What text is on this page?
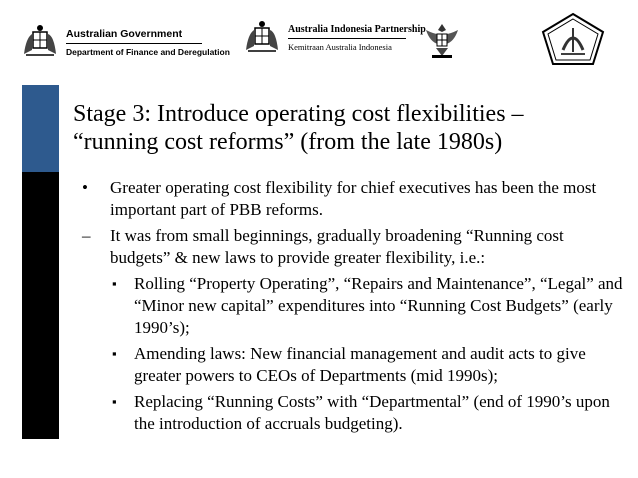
Australian Government
Department of Finance and Deregulation
Australia Indonesia Partnership
Kemitraan Australia Indonesia
Stage 3: Introduce operating cost flexibilities –
“running cost reforms” (from the late 1980s)
• Greater operating cost flexibility for chief executives has been the most important part of PBB reforms.
– It was from small beginnings, gradually broadening “Running cost budgets” & new laws to provide greater flexibility, i.e.:
▪ Rolling “Property Operating”, “Repairs and Maintenance”, “Legal” and “Minor new capital” expenditures into “Running Cost Budgets” (early 1990’s);
▪ Amending laws: New financial management and audit acts to give greater powers to CEOs of Departments (mid 1990s);
▪ Replacing “Running Costs” with “Departmental” (end of 1990’s upon the introduction of accruals budgeting).
